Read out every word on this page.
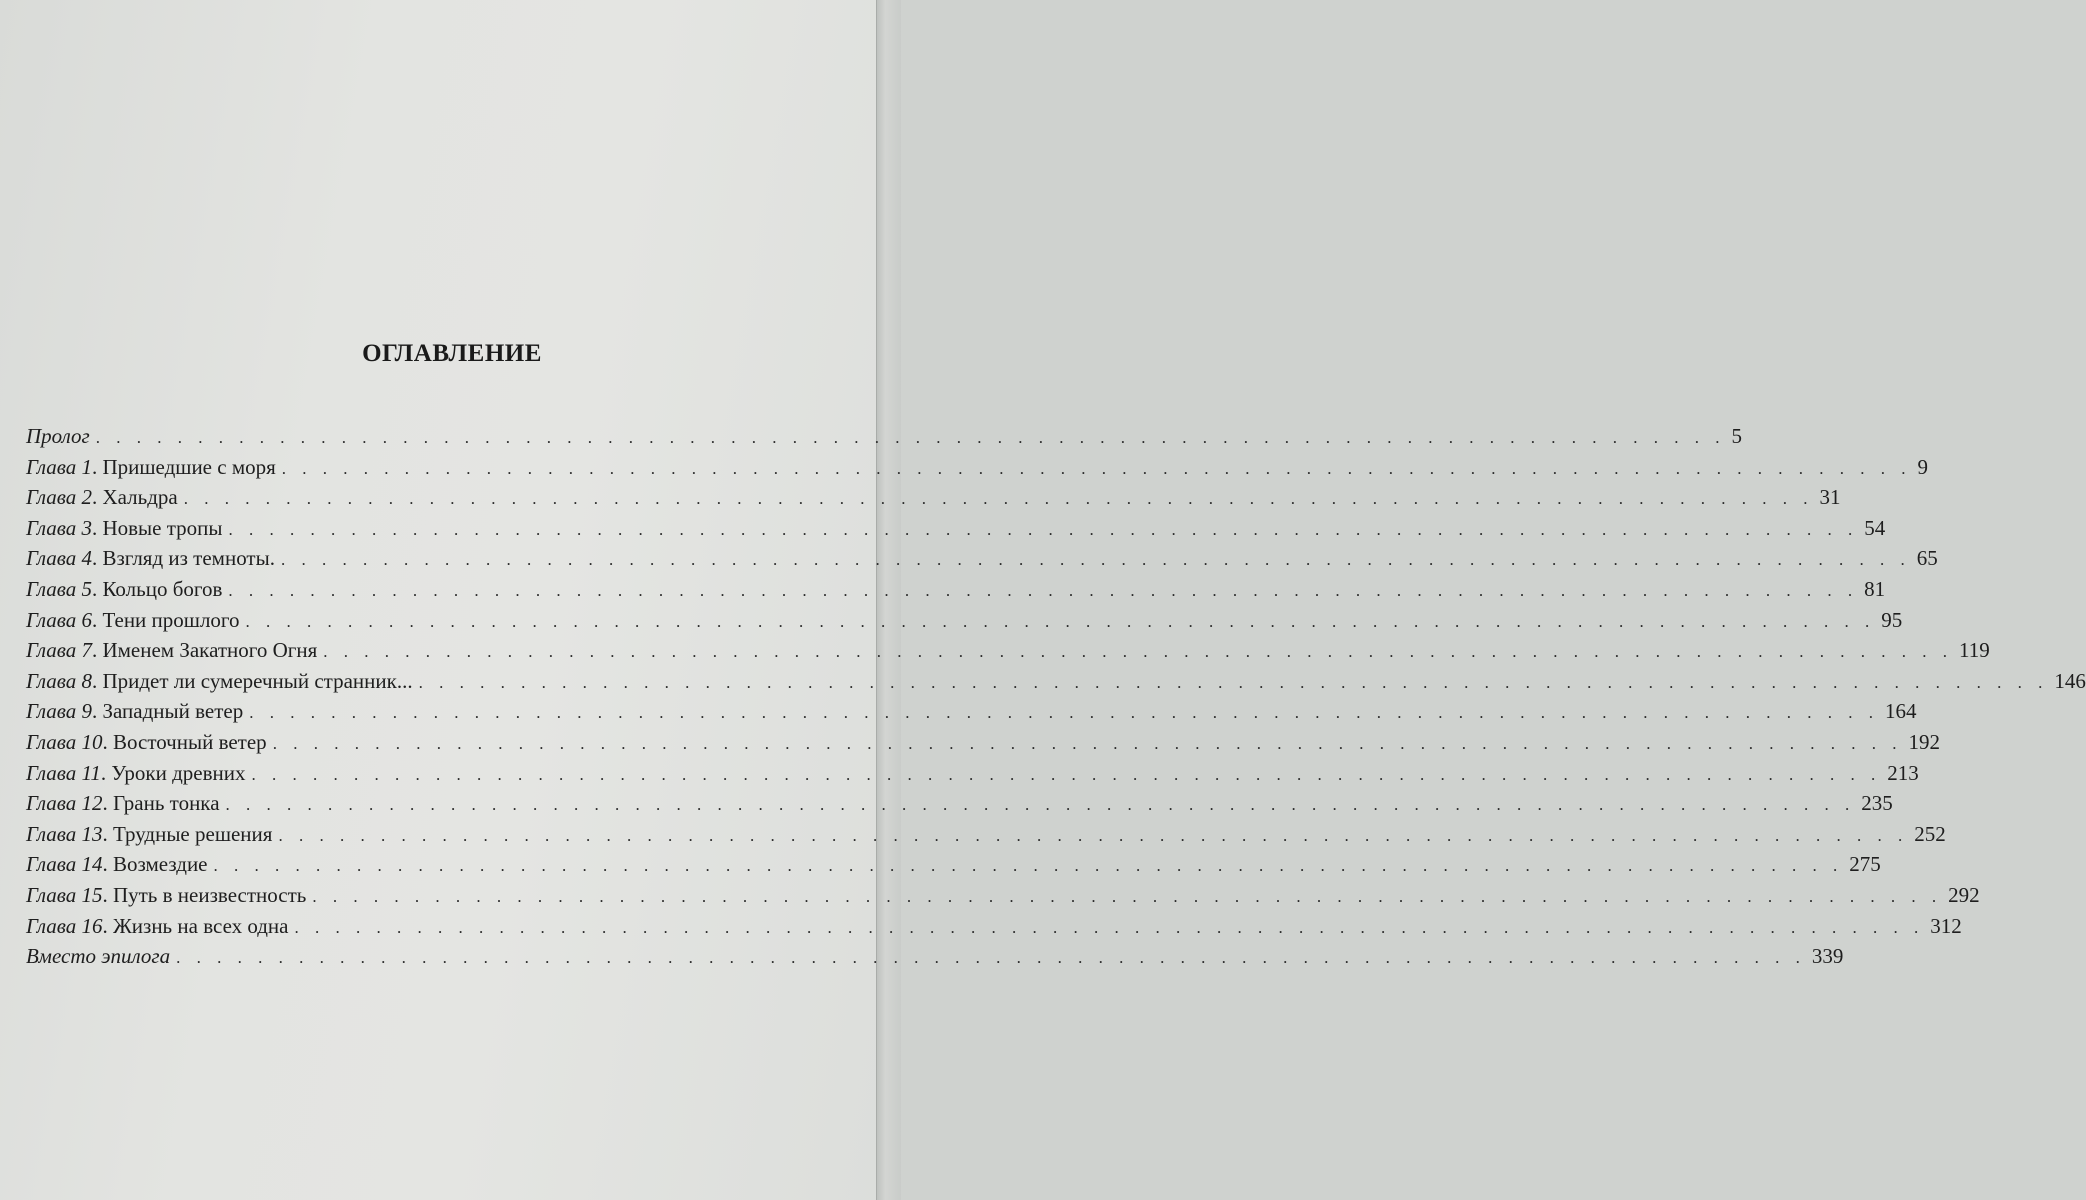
ОГЛАВЛЕНИЕ
Пролог . . . . . . . . . . . . . . . . . . . . . . . . . . . . . . . . . . . . . . . . . . . . . . . . . . . . . . . . . . . . . . . . . . . . . . . . . . . . . . . . 5
Глава 1. Пришедшие с моря . . . . . . . . . . . . . . . . . . . . . . . . . . . . . . . . . . . . . . . . . . . . . . . . . . . . . . . . . . . . . . . . . . . . . . . . . . . . . . . . 9
Глава 2. Хальдра . . . . . . . . . . . . . . . . . . . . . . . . . . . . . . . . . . . . . . . . . . . . . . . . . . . . . . . . . . . . . . . . . . . . . . . . . . . . . . . . 31
Глава 3. Новые тропы . . . . . . . . . . . . . . . . . . . . . . . . . . . . . . . . . . . . . . . . . . . . . . . . . . . . . . . . . . . . . . . . . . . . . . . . . . . . . . . . 54
Глава 4. Взгляд из темноты. . . . . . . . . . . . . . . . . . . . . . . . . . . . . . . . . . . . . . . . . . . . . . . . . . . . . . . . . . . . . . . . . . . . . . . . . . . . . . . . . 65
Глава 5. Кольцо богов . . . . . . . . . . . . . . . . . . . . . . . . . . . . . . . . . . . . . . . . . . . . . . . . . . . . . . . . . . . . . . . . . . . . . . . . . . . . . . . . 81
Глава 6. Тени прошлого . . . . . . . . . . . . . . . . . . . . . . . . . . . . . . . . . . . . . . . . . . . . . . . . . . . . . . . . . . . . . . . . . . . . . . . . . . . . . . . . 95
Глава 7. Именем Закатного Огня . . . . . . . . . . . . . . . . . . . . . . . . . . . . . . . . . . . . . . . . . . . . . . . . . . . . . . . . . . . . . . . . . . . . . . . . . . . . . . . . 119
Глава 8. Придет ли сумеречный странник... . . . . . . . . . . . . . . . . . . . . . . . . . . . . . . . . . . . . . . . . . . . . . . . . . . . . . . . . . . . . . . . . . . . . . . . . . . . . . . . . 146
Глава 9. Западный ветер . . . . . . . . . . . . . . . . . . . . . . . . . . . . . . . . . . . . . . . . . . . . . . . . . . . . . . . . . . . . . . . . . . . . . . . . . . . . . . . . 164
Глава 10. Восточный ветер . . . . . . . . . . . . . . . . . . . . . . . . . . . . . . . . . . . . . . . . . . . . . . . . . . . . . . . . . . . . . . . . . . . . . . . . . . . . . . . . 192
Глава 11. Уроки древних . . . . . . . . . . . . . . . . . . . . . . . . . . . . . . . . . . . . . . . . . . . . . . . . . . . . . . . . . . . . . . . . . . . . . . . . . . . . . . . . 213
Глава 12. Грань тонка . . . . . . . . . . . . . . . . . . . . . . . . . . . . . . . . . . . . . . . . . . . . . . . . . . . . . . . . . . . . . . . . . . . . . . . . . . . . . . . . 235
Глава 13. Трудные решения . . . . . . . . . . . . . . . . . . . . . . . . . . . . . . . . . . . . . . . . . . . . . . . . . . . . . . . . . . . . . . . . . . . . . . . . . . . . . . . . 252
Глава 14. Возмездие . . . . . . . . . . . . . . . . . . . . . . . . . . . . . . . . . . . . . . . . . . . . . . . . . . . . . . . . . . . . . . . . . . . . . . . . . . . . . . . . 275
Глава 15. Путь в неизвестность . . . . . . . . . . . . . . . . . . . . . . . . . . . . . . . . . . . . . . . . . . . . . . . . . . . . . . . . . . . . . . . . . . . . . . . . . . . . . . . . 292
Глава 16. Жизнь на всех одна . . . . . . . . . . . . . . . . . . . . . . . . . . . . . . . . . . . . . . . . . . . . . . . . . . . . . . . . . . . . . . . . . . . . . . . . . . . . . . . . 312
Вместо эпилога . . . . . . . . . . . . . . . . . . . . . . . . . . . . . . . . . . . . . . . . . . . . . . . . . . . . . . . . . . . . . . . . . . . . . . . . . . . . . . . . 339
